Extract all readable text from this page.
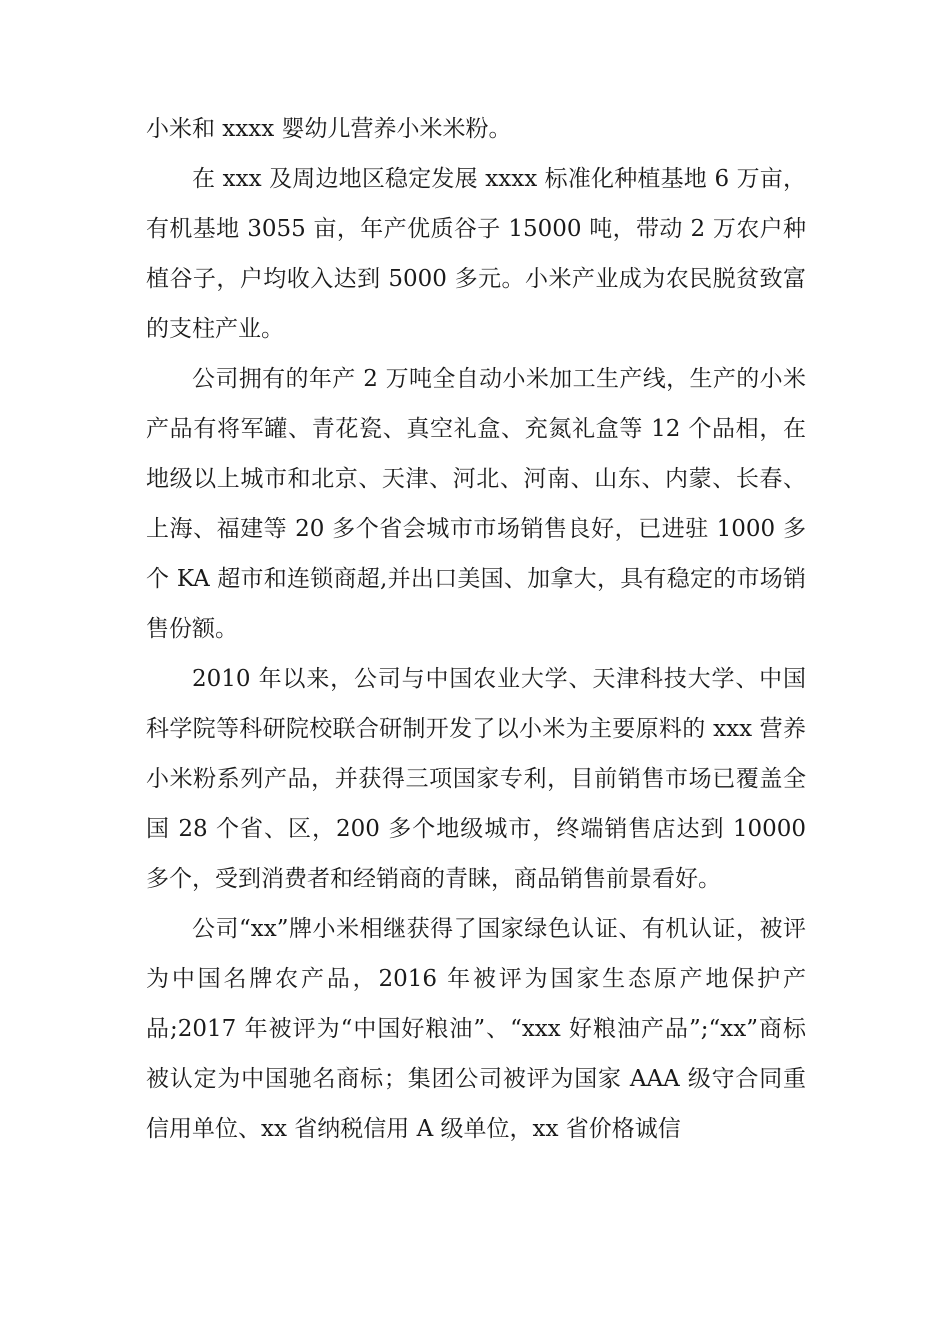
小米和 xxxx 婴幼儿营养小米米粉。

在 xxx 及周边地区稳定发展 xxxx 标准化种植基地 6 万亩，有机基地 3055 亩，年产优质谷子 15000 吨，带动 2 万农户种植谷子，户均收入达到 5000 多元。小米产业成为农民脱贫致富的支柱产业。

公司拥有的年产 2 万吨全自动小米加工生产线，生产的小米产品有将军罐、青花瓷、真空礼盒、充氮礼盒等 12 个品相，在地级以上城市和北京、天津、河北、河南、山东、内蒙、长春、上海、福建等 20 多个省会城市市场销售良好，已进驻 1000 多个 KA 超市和连锁商超,并出口美国、加拿大，具有稳定的市场销售份额。

2010 年以来，公司与中国农业大学、天津科技大学、中国科学院等科研院校联合研制开发了以小米为主要原料的 xxx 营养小米粉系列产品，并获得三项国家专利，目前销售市场已覆盖全国 28 个省、区，200 多个地级城市，终端销售店达到 10000 多个，受到消费者和经销商的青睐，商品销售前景看好。

公司“xx”牌小米相继获得了国家绿色认证、有机认证，被评为中国名牌农产品，2016 年被评为国家生态原产地保护产品;2017 年被评为“中国好粮油”、“xxx 好粮油产品”;“xx”商标被认定为中国驰名商标；集团公司被评为国家 AAA 级守合同重信用单位、xx 省纳税信用 A 级单位，xx 省价格诚信
